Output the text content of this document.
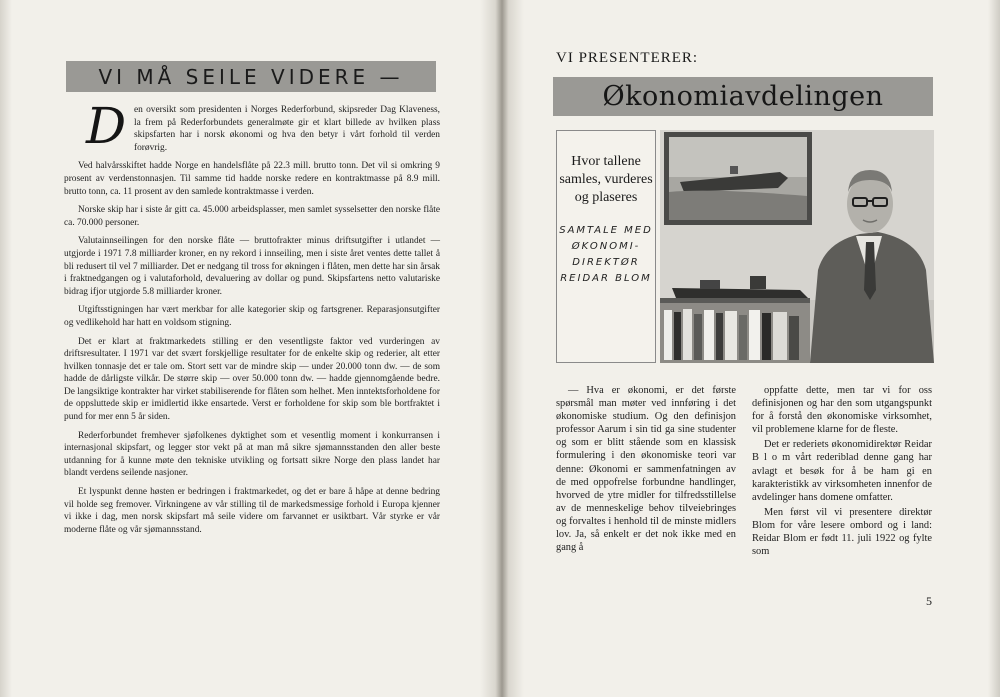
VI MÅ SEILE VIDERE —

Den oversikt som presidenten i Norges Rederforbund, skipsreder Dag Klaveness, la frem på Rederforbundets generalmøte gir et klart billede av hvilken plass skipsfarten har i norsk økonomi og hva den betyr i vårt forhold til verden forøvrig.

Ved halvårsskiftet hadde Norge en handelsflåte på 22.3 mill. brutto tonn. Det vil si omkring 9 prosent av verdenstonnasjen. Til samme tid hadde norske redere en kontraktmasse på 8.9 mill. brutto tonn, ca. 11 prosent av den samlede kontraktmasse i verden.

Norske skip har i siste år gitt ca. 45.000 arbeidsplasser, men samlet sysselsetter den norske flåte ca. 70.000 personer.

Valutainnseilingen for den norske flåte — bruttofrakter minus driftsutgifter i utlandet — utgjorde i 1971 7.8 milliarder kroner, en ny rekord i innseiling, men i siste året ventes dette tallet å bli redusert til vel 7 milliarder. Det er nedgang til tross for økningen i flåten, men dette har sin årsak i fraktnedgangen og i valutaforhold, devaluering av dollar og pund. Skipsfartens netto valutariske bidrag ifjor utgjorde 5.8 milliarder kroner.

Utgiftsstigningen har vært merkbar for alle kategorier skip og fartsgrener. Reparasjonsutgifter og vedlikehold har hatt en voldsom stigning.

Det er klart at fraktmarkedets stilling er den vesentligste faktor ved vurderingen av driftsresultater. I 1971 var det svært forskjellige resultater for de enkelte skip og rederier, alt etter hvilken tonnasje det er tale om. Stort sett var de mindre skip — under 20.000 tonn dw. — de som hadde de dårligste vilkår. De større skip — over 50.000 tonn dw. — hadde gjennomgående bedre. De langsiktige kontrakter har virket stabiliserende for flåten som helhet. Men inntektsforholdene for de oppsluttede skip er imidlertid ikke ensartede. Verst er forholdene for skip som ble bortfraktet i pund for mer enn 5 år siden.

Rederforbundet fremhever sjøfolkenes dyktighet som et vesentlig moment i konkurransen i internasjonal skipsfart, og legger stor vekt på at man må sikre sjømannsstanden den aller beste utdanning for å kunne møte den tekniske utvikling og fortsatt sikre Norge den plass landet har blandt verdens seilende nasjoner.

Et lyspunkt denne høsten er bedringen i fraktmarkedet, og det er bare å håpe at denne bedring vil holde seg fremover. Virkningene av vår stilling til de markedsmessige forhold i Europa kjenner vi ikke i dag, men norsk skipsfart må seile videre om farvannet er usiktbart. Vår styrke er vår moderne flåte og vår sjømannsstand.

VI PRESENTERER:
Økonomiavdelingen
Hvor tallene samles, vurderes og plaseres
SAMTALE MED ØKONOMI-DIREKTØR REIDAR BLOM

— Hva er økonomi, er det første spørsmål man møter ved innføring i det økonomiske studium. Og den definisjon professor Aarum i sin tid ga sine studenter og som er blitt stående som en klassisk formulering i den økonomiske teori var denne: Økonomi er sammenfatningen av de med oppofrelse forbundne handlinger, hvorved de ytre midler for tilfredsstillelse av de menneskelige behov tilveiebringes og forvaltes i henhold til de minste midlers lov. Ja, så enkelt er det nok ikke med en gang å

oppfatte dette, men tar vi for oss definisjonen og har den som utgangspunkt for å forstå den økonomiske virksomhet, vil problemene klarne for de fleste.

Det er rederiets økonomidirektør Reidar B l o m vårt rederiblad denne gang har avlagt et besøk for å be ham gi en karakteristikk av virksomheten innenfor de avdelinger hans domene omfatter.

Men først vil vi presentere direktør Blom for våre lesere ombord og i land: Reidar Blom er født 11. juli 1922 og fylte som

5
